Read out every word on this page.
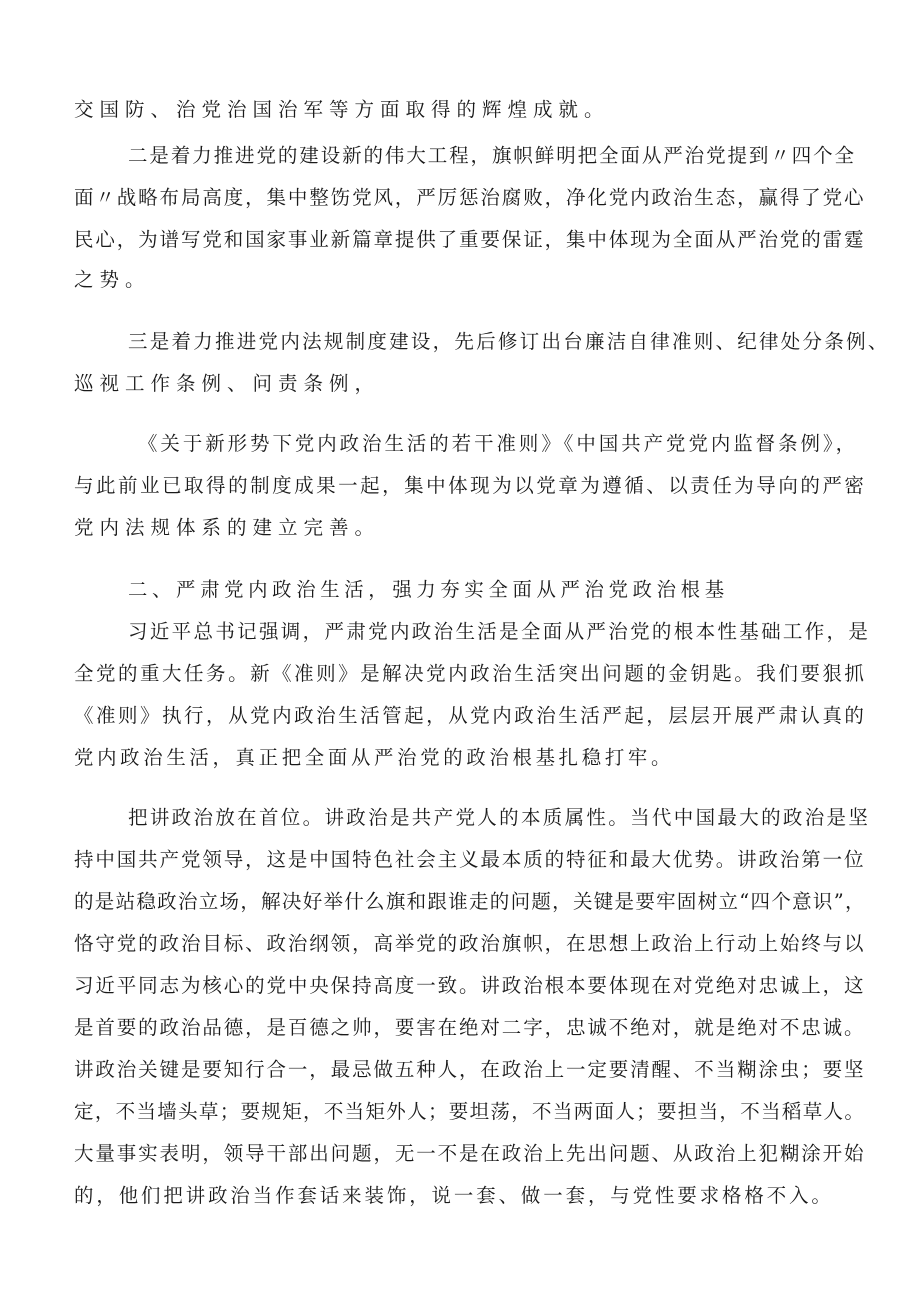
交国防、治党治国治军等方面取得的辉煌成就。
二是着力推进党的建设新的伟大工程，旗帜鲜明把全面从严治党提到〃四个全
面〃战略布局高度，集中整饬党风，严厉惩治腐败，净化党内政治生态，赢得了党心
民心，为谱写党和国家事业新篇章提供了重要保证，集中体现为全面从严治党的雷霆
之势。
三是着力推进党内法规制度建设，先后修订出台廉洁自律准则、纪律处分条例、
巡视工作条例、问责条例，
《关于新形势下党内政治生活的若干准则》《中国共产党党内监督条例》，
与此前业已取得的制度成果一起，集中体现为以党章为遵循、以责任为导向的严密
党内法规体系的建立完善。
二、严肃党内政治生活，强力夯实全面从严治党政治根基
习近平总书记强调，严肃党内政治生活是全面从严治党的根本性基础工作，是
全党的重大任务。新《准则》是解决党内政治生活突出问题的金钥匙。我们要狠抓
《准则》执行，从党内政治生活管起，从党内政治生活严起，层层开展严肃认真的
党内政治生活，真正把全面从严治党的政治根基扎稳打牢。
把讲政治放在首位。讲政治是共产党人的本质属性。当代中国最大的政治是坚
持中国共产党领导，这是中国特色社会主义最本质的特征和最大优势。讲政治第一位
的是站稳政治立场，解决好举什么旗和跟谁走的问题，关键是要牢固树立“四个意识”，
恪守党的政治目标、政治纲领，高举党的政治旗帜，在思想上政治上行动上始终与以
习近平同志为核心的党中央保持高度一致。讲政治根本要体现在对党绝对忠诚上，这
是首要的政治品德，是百德之帅，要害在绝对二字，忠诚不绝对，就是绝对不忠诚。
讲政治关键是要知行合一，最忌做五种人，在政治上一定要清醒、不当糊涂虫；要坚
定，不当墙头草；要规矩，不当矩外人；要坦荡，不当两面人；要担当，不当稻草人。
大量事实表明，领导干部出问题，无一不是在政治上先出问题、从政治上犯糊涂开始
的，他们把讲政治当作套话来装饰，说一套、做一套，与党性要求格格不入。
